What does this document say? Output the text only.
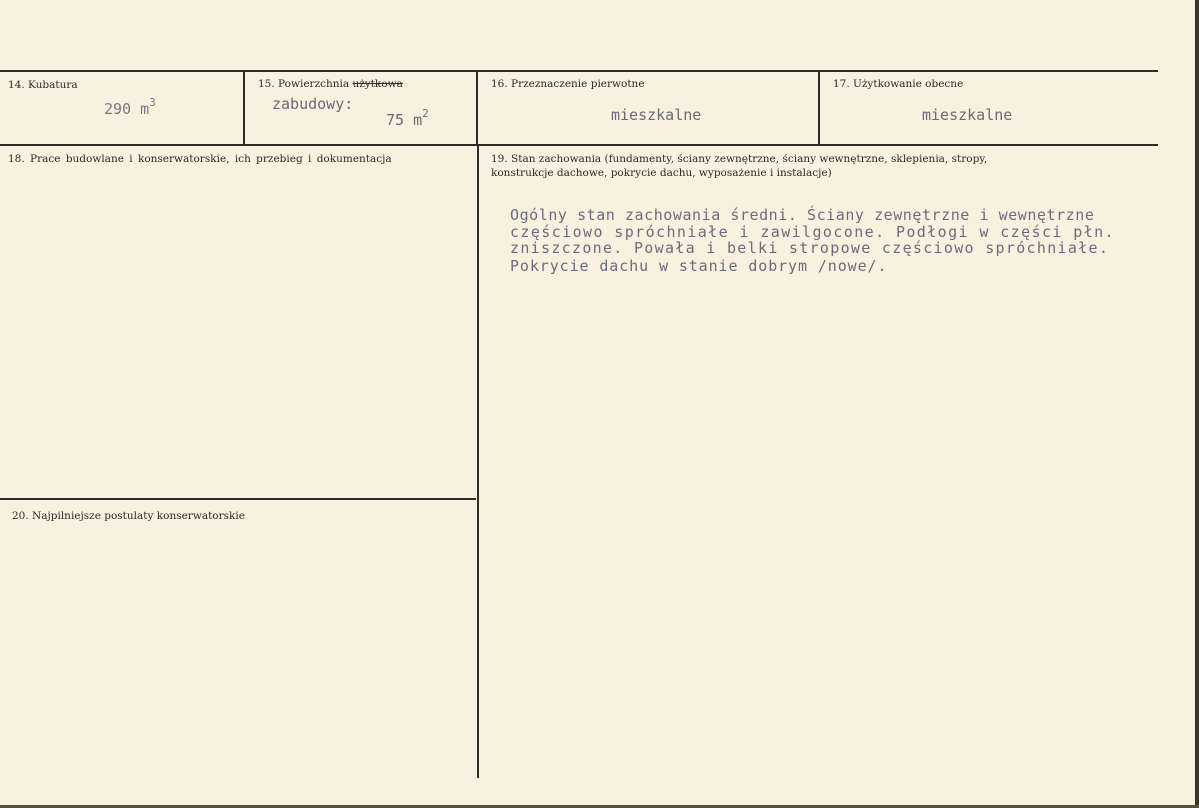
14. Kubatura
290 $m^3$
15. Powierzchnia użytkowa
zabudowy:
75 $m^2$
16. Przeznaczenie pierwotne
mieszkalne
17. Użytkowanie obecne
mieszkalne
18. Prace budowlane i konserwatorskie, ich przebieg i dokumentacja	19. Stan zachowania (fundamenty, ściany zewnętrzne, ściany wewnętrzne, sklepienia, stropy,
konstrukcje dachowe, pokrycie dachu, wyposażenie i instalacje)
Ogólny stan zachowania średni. Ściany zewnętrzne i wewnętrzne
częściowo spróchniałe i zawilgocone. Podłogi w części płn.
zniszczone. Powała i belki stropowe częściowo spróchniałe.
Pokrycie dachu w stanie dobrym /nowe/.
20. Najpilniejsze postulaty konserwatorskie
